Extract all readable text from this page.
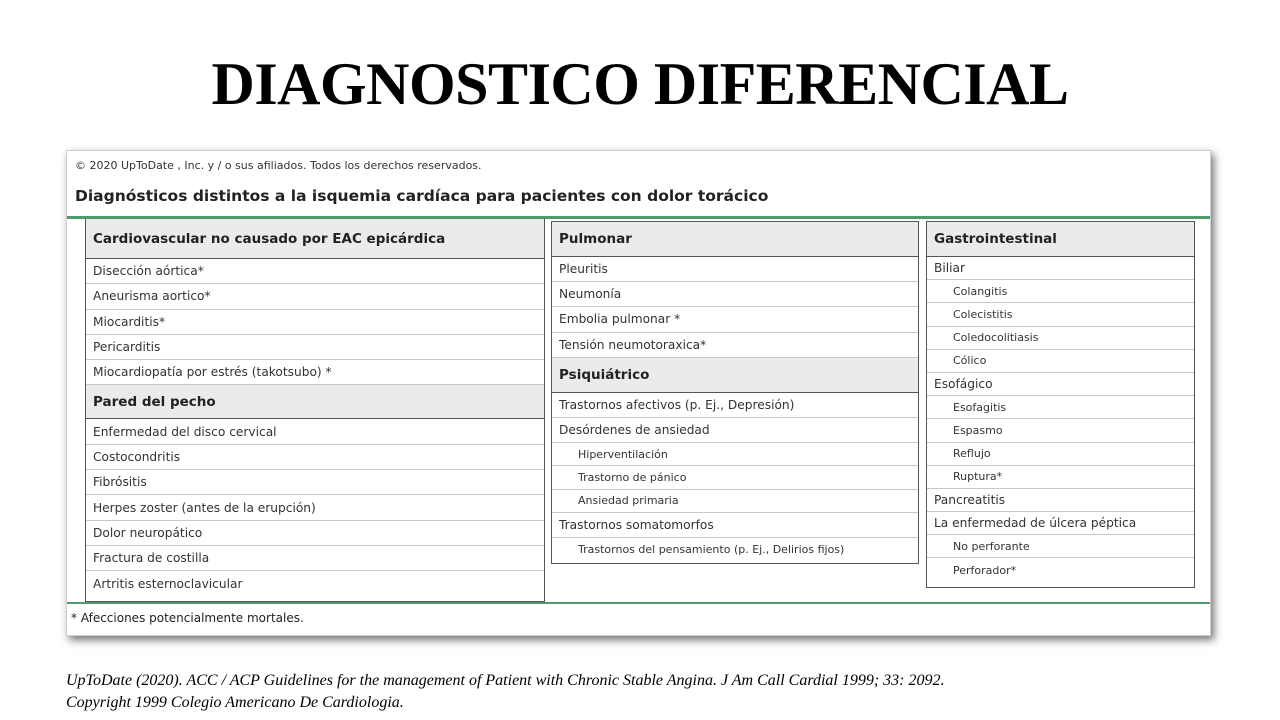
DIAGNOSTICO DIFERENCIAL
© 2020 UpToDate , Inc. y / o sus afiliados. Todos los derechos reservados.
Diagnósticos distintos a la isquemia cardíaca para pacientes con dolor torácico
Cardiovascular no causado por EAC epicárdica
Disección aórtica*
Aneurisma aortico*
Miocarditis*
Pericarditis
Miocardiopatía por estrés (takotsubo) *
Pared del pecho
Enfermedad del disco cervical
Costocondritis
Fibrósitis
Herpes zoster (antes de la erupción)
Dolor neuropático
Fractura de costilla
Artritis esternoclavicular
Pulmonar
Pleuritis
Neumonía
Embolia pulmonar *
Tensión neumotoraxica*
Psiquiátrico
Trastornos afectivos (p. Ej., Depresión)
Desórdenes de ansiedad
Hiperventilación
Trastorno de pánico
Ansiedad primaria
Trastornos somatomorfos
Trastornos del pensamiento (p. Ej., Delirios fijos)
Gastrointestinal
Biliar
Colangitis
Colecistitis
Coledocolitiasis
Cólico
Esofágico
Esofagitis
Espasmo
Reflujo
Ruptura*
Pancreatitis
La enfermedad de úlcera péptica
No perforante
Perforador*
* Afecciones potencialmente mortales.
UpToDate (2020). ACC / ACP Guidelines for the management of Patient with Chronic Stable Angina. J Am Call Cardial 1999; 33: 2092.
Copyright 1999 Colegio Americano De Cardiologia.
